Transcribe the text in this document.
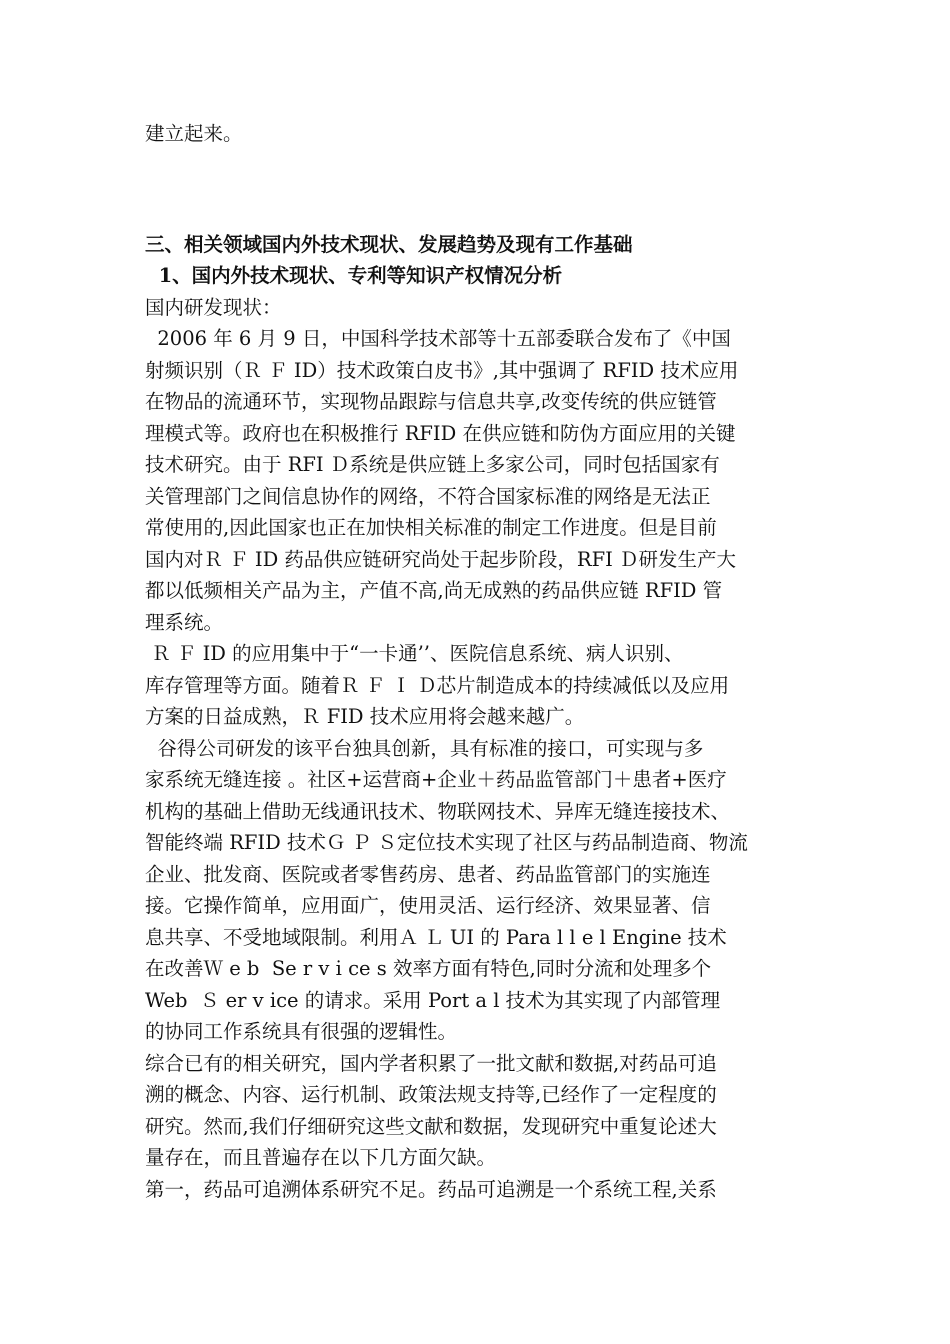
建立起来。
三、相关领域国内外技术现状、发展趋势及现有工作基础
1、国内外技术现状、专利等知识产权情况分析
国内研发现状：
2006 年 6 月 9 日，中国科学技术部等十五部委联合发布了《中国
射频识别（Ｒ Ｆ ID）技术政策白皮书》,其中强调了 RFID 技术应用
在物品的流通环节，实现物品跟踪与信息共享,改变传统的供应链管
理模式等。政府也在积极推行 RFID 在供应链和防伪方面应用的关键
技术研究。由于 RFI Ｄ系统是供应链上多家公司，同时包括国家有
关管理部门之间信息协作的网络，不符合国家标准的网络是无法正
常使用的,因此国家也正在加快相关标准的制定工作进度。但是目前
国内对Ｒ Ｆ ID 药品供应链研究尚处于起步阶段，RFI Ｄ研发生产大
都以低频相关产品为主，产值不高,尚无成熟的药品供应链 RFID 管
理系统。
Ｒ Ｆ ID 的应用集中于“一卡通’’、医院信息系统、病人识别、
库存管理等方面。随着Ｒ Ｆ Ｉ Ｄ芯片制造成本的持续减低以及应用
方案的日益成熟，Ｒ FID 技术应用将会越来越广。
谷得公司研发的该平台独具创新，具有标准的接口，可实现与多
家系统无缝连接 。社区+运营商+企业＋药品监管部门＋患者+医疗
机构的基础上借助无线通讯技术、物联网技术、异库无缝连接技术、
智能终端 RFID 技术Ｇ Ｐ Ｓ定位技术实现了社区与药品制造商、物流
企业、批发商、医院或者零售药房、患者、药品监管部门的实施连
接。它操作简单，应用面广，使用灵活、运行经济、效果显著、信
息共享、不受地域限制。利用Ａ Ｌ UI 的 Para l l e l Engine 技术
在改善Ｗ e b  Se r v i ce s 效率方面有特色,同时分流和处理多个
Web  Ｓ er v ice 的请求。采用 Port a l 技术为其实现了内部管理
的协同工作系统具有很强的逻辑性。
综合已有的相关研究，国内学者积累了一批文献和数据,对药品可追
溯的概念、内容、运行机制、政策法规支持等,已经作了一定程度的
研究。然而,我们仔细研究这些文献和数据，发现研究中重复论述大
量存在，而且普遍存在以下几方面欠缺。
第一，药品可追溯体系研究不足。药品可追溯是一个系统工程,关系
